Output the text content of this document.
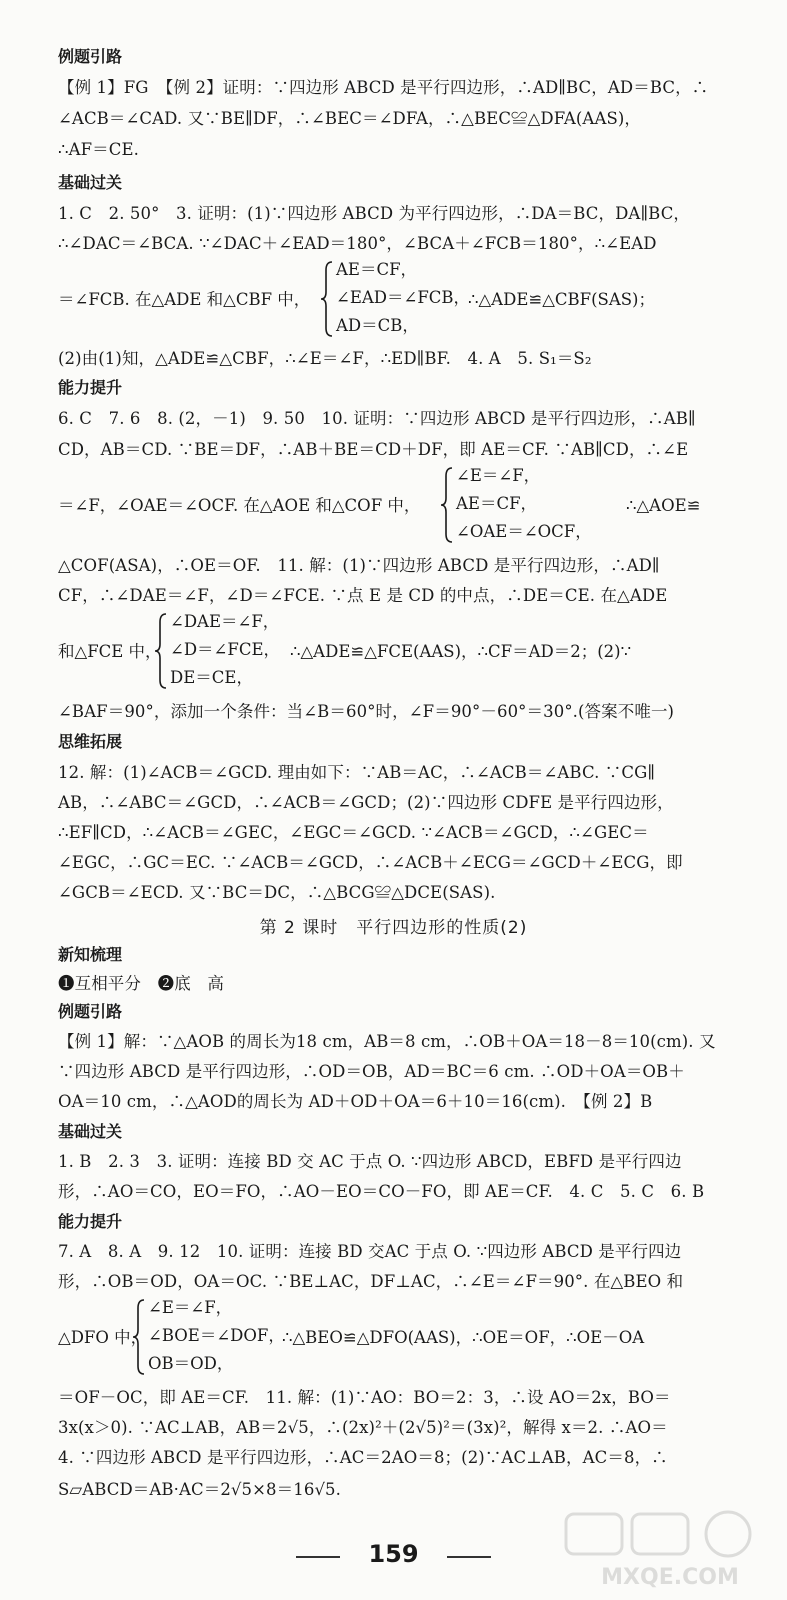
例题引路
【例 1】FG　【例 2】证明：∵四边形 ABCD 是平行四边形，∴AD∥BC，AD＝BC，∴
∠ACB＝∠CAD. 又∵BE∥DF，∴∠BEC＝∠DFA，∴△BEC≌△DFA(AAS)，
∴AF＝CE.
基础过关
1. C　2. 50°　3. 证明：(1)∵四边形 ABCD 为平行四边形，∴DA＝BC，DA∥BC，
∴∠DAC＝∠BCA. ∵∠DAC＋∠EAD＝180°，∠BCA＋∠FCB＝180°，∴∠EAD
＝∠FCB. 在△ADE 和△CBF 中，
AE＝CF，
∠EAD＝∠FCB，
AD＝CB，
∴△ADE≌△CBF(SAS)；
(2)由(1)知，△ADE≌△CBF，∴∠E＝∠F，∴ED∥BF.　4. A　5. S₁＝S₂
能力提升
6. C　7. 6　8. (2，－1)　9. 50　10. 证明：∵四边形 ABCD 是平行四边形，∴AB∥
CD，AB＝CD. ∵BE＝DF，∴AB＋BE＝CD＋DF，即 AE＝CF. ∵AB∥CD，∴∠E
＝∠F，∠OAE＝∠OCF. 在△AOE 和△COF 中，
∠E＝∠F，
AE＝CF，
∠OAE＝∠OCF，
∴△AOE≌
△COF(ASA)，∴OE＝OF.　11. 解：(1)∵四边形 ABCD 是平行四边形，∴AD∥
CF，∴∠DAE＝∠F，∠D＝∠FCE. ∵点 E 是 CD 的中点，∴DE＝CE. 在△ADE
和△FCE 中，
∠DAE＝∠F，
∠D＝∠FCE，
DE＝CE，
∴△ADE≌△FCE(AAS)，∴CF＝AD＝2；(2)∵
∠BAF＝90°，添加一个条件：当∠B＝60°时，∠F＝90°－60°＝30°.(答案不唯一)
思维拓展
12. 解：(1)∠ACB＝∠GCD. 理由如下：∵AB＝AC，∴∠ACB＝∠ABC. ∵CG∥
AB，∴∠ABC＝∠GCD，∴∠ACB＝∠GCD；(2)∵四边形 CDFE 是平行四边形，
∴EF∥CD，∴∠ACB＝∠GEC，∠EGC＝∠GCD. ∵∠ACB＝∠GCD，∴∠GEC＝
∠EGC，∴GC＝EC. ∵∠ACB＝∠GCD，∴∠ACB＋∠ECG＝∠GCD＋∠ECG，即
∠GCB＝∠ECD. 又∵BC＝DC，∴△BCG≌△DCE(SAS).
第 2 课时　平行四边形的性质(2)
新知梳理
❶互相平分　❷底　高
例题引路
【例 1】解：∵△AOB 的周长为18 cm，AB＝8 cm，∴OB＋OA＝18－8＝10(cm). 又
∵四边形 ABCD 是平行四边形，∴OD＝OB，AD＝BC＝6 cm. ∴OD＋OA＝OB＋
OA＝10 cm，∴△AOD的周长为 AD＋OD＋OA＝6＋10＝16(cm).　【例 2】B
基础过关
1. B　2. 3　3. 证明：连接 BD 交 AC 于点 O. ∵四边形 ABCD，EBFD 是平行四边
形，∴AO＝CO，EO＝FO，∴AO－EO＝CO－FO，即 AE＝CF.　4. C　5. C　6. B
能力提升
7. A　8. A　9. 12　10. 证明：连接 BD 交AC 于点 O. ∵四边形 ABCD 是平行四边
形，∴OB＝OD，OA＝OC. ∵BE⊥AC，DF⊥AC，∴∠E＝∠F＝90°. 在△BEO 和
△DFO 中，
∠E＝∠F，
∠BOE＝∠DOF，
OB＝OD，
∴△BEO≌△DFO(AAS)，∴OE＝OF，∴OE－OA
＝OF－OC，即 AE＝CF.　11. 解：(1)∵AO：BO＝2：3，∴设 AO＝2x，BO＝
3x(x＞0). ∵AC⊥AB，AB＝2√5，∴(2x)²＋(2√5)²＝(3x)²，解得 x＝2. ∴AO＝
4. ∵四边形 ABCD 是平行四边形，∴AC＝2AO＝8；(2)∵AC⊥AB，AC＝8，∴
S▱ABCD＝AB·AC＝2√5×8＝16√5.
159
MXQE.COM
